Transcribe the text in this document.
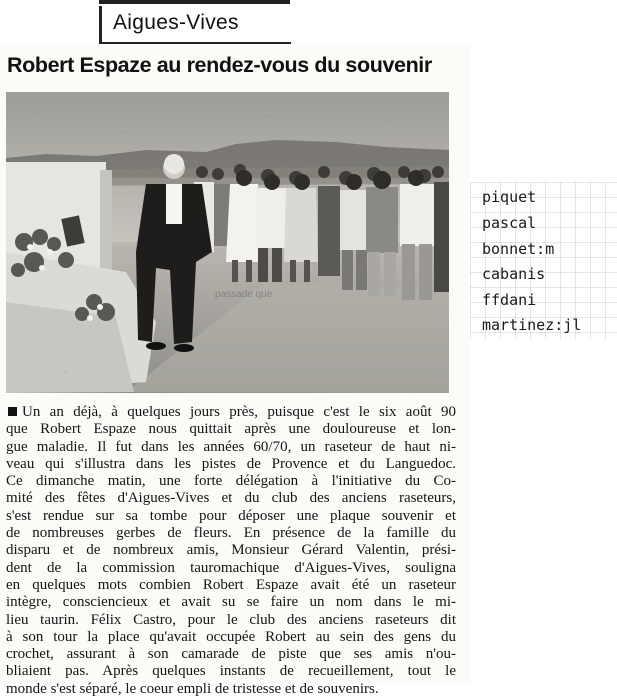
Aigues-Vives
Robert Espaze au rendez-vous du souvenir
passade que
Un an déjà, à quelques jours près, puisque c'est le six août 90
que Robert Espaze nous quittait après une douloureuse et lon-
gue maladie. Il fut dans les années 60/70, un raseteur de haut ni-
veau qui s'illustra dans les pistes de Provence et du Languedoc.
Ce dimanche matin, une forte délégation à l'initiative du Co-
mité des fêtes d'Aigues-Vives et du club des anciens raseteurs,
s'est rendue sur sa tombe pour déposer une plaque souvenir et
de nombreuses gerbes de fleurs. En présence de la famille du
disparu et de nombreux amis, Monsieur Gérard Valentin, prési-
dent de la commission tauromachique d'Aigues-Vives, souligna
en quelques mots combien Robert Espaze avait été un raseteur
intègre, consciencieux et avait su se faire un nom dans le mi-
lieu taurin. Félix Castro, pour le club des anciens raseteurs dit
à son tour la place qu'avait occupée Robert au sein des gens du
crochet, assurant à son camarade de piste que ses amis n'ou-
bliaient pas. Après quelques instants de recueillement, tout le
monde s'est séparé, le coeur empli de tristesse et de souvenirs.
piquet
pascal
bonnet:m
cabanis
ffdani
martinez:jl
